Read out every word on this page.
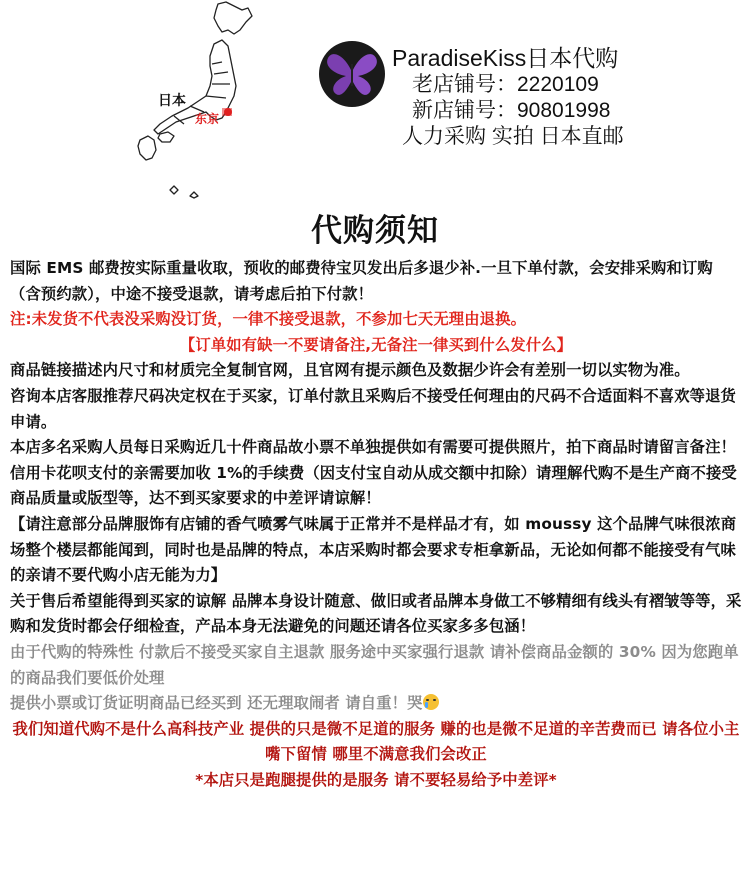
日本
东京
ParadiseKiss日本代购
老店铺号：2220109
新店铺号：90801998
人力采购 实拍 日本直邮
代购须知
国际 EMS 邮费按实际重量收取，预收的邮费待宝贝发出后多退少补.一旦下单付款，会安排采购和订购（含预约款），中途不接受退款，请考虑后拍下付款！
注:未发货不代表没采购没订货，一律不接受退款，不参加七天无理由退换。
【订单如有缺一不要请备注,无备注一律买到什么发什么】
商品链接描述内尺寸和材质完全复制官网，且官网有提示颜色及数据少许会有差别一切以实物为准。
咨询本店客服推荐尺码决定权在于买家，订单付款且采购后不接受任何理由的尺码不合适面料不喜欢等退货申请。
本店多名采购人员每日采购近几十件商品故小票不单独提供如有需要可提供照片，拍下商品时请留言备注！
信用卡花呗支付的亲需要加收 1%的手续费（因支付宝自动从成交额中扣除）请理解代购不是生产商不接受 商品质量或版型等，达不到买家要求的中差评请谅解！
【请注意部分品牌服饰有店铺的香气喷雾气味属于正常并不是样品才有，如 moussy 这个品牌气味很浓商场整个楼层都能闻到，同时也是品牌的特点，本店采购时都会要求专柜拿新品，无论如何都不能接受有气味的亲请不要代购小店无能为力】
关于售后希望能得到买家的谅解 品牌本身设计随意、做旧或者品牌本身做工不够精细有线头有褶皱等等，采购和发货时都会仔细检查，产品本身无法避免的问题还请各位买家多多包涵！
由于代购的特殊性 付款后不接受买家自主退款 服务途中买家强行退款 请补偿商品金额的 30% 因为您跑单的商品我们要低价处理
提供小票或订货证明商品已经买到 还无理取闹者 请自重！哭
我们知道代购不是什么高科技产业 提供的只是微不足道的服务 赚的也是微不足道的辛苦费而已 请各位小主嘴下留情 哪里不满意我们会改正
*本店只是跑腿提供的是服务 请不要轻易给予中差评*
